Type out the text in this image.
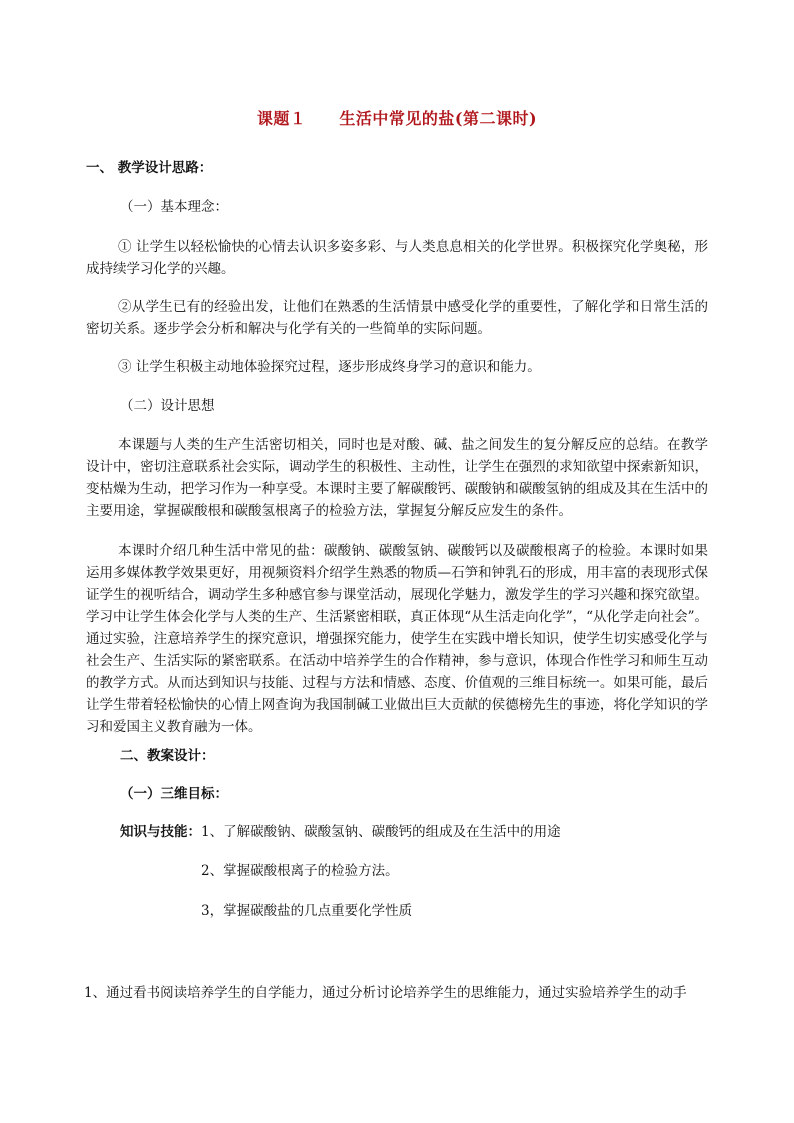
课题１　　生活中常见的盐(第二课时)
一、 教学设计思路：
（一）基本理念：
① 让学生以轻松愉快的心情去认识多姿多彩、与人类息息相关的化学世界。积极探究化学奥秘，形成持续学习化学的兴趣。
②从学生已有的经验出发，让他们在熟悉的生活情景中感受化学的重要性，了解化学和日常生活的密切关系。逐步学会分析和解决与化学有关的一些简单的实际问题。
③ 让学生积极主动地体验探究过程，逐步形成终身学习的意识和能力。
（二）设计思想
本课题与人类的生产生活密切相关，同时也是对酸、碱、盐之间发生的复分解反应的总结。在教学设计中，密切注意联系社会实际，调动学生的积极性、主动性，让学生在强烈的求知欲望中探索新知识，变枯燥为生动，把学习作为一种享受。本课时主要了解碳酸钙、碳酸钠和碳酸氢钠的组成及其在生活中的主要用途，掌握碳酸根和碳酸氢根离子的检验方法，掌握复分解反应发生的条件。
本课时介绍几种生活中常见的盐：碳酸钠、碳酸氢钠、碳酸钙以及碳酸根离子的检验。本课时如果运用多媒体教学效果更好，用视频资料介绍学生熟悉的物质—石笋和钟乳石的形成，用丰富的表现形式保证学生的视听结合，调动学生多种感官参与课堂活动，展现化学魅力，激发学生的学习兴趣和探究欲望。学习中让学生体会化学与人类的生产、生活紧密相联，真正体现“从生活走向化学”，“从化学走向社会”。通过实验，注意培养学生的探究意识，增强探究能力，使学生在实践中增长知识，使学生切实感受化学与社会生产、生活实际的紧密联系。在活动中培养学生的合作精神，参与意识，体现合作性学习和师生互动的教学方式。从而达到知识与技能、过程与方法和情感、态度、价值观的三维目标统一。如果可能，最后让学生带着轻松愉快的心情上网查询为我国制碱工业做出巨大贡献的侯德榜先生的事迹，将化学知识的学习和爱国主义教育融为一体。
二、教案设计：
（一）三维目标：
知识与技能：1、了解碳酸钠、碳酸氢钠、碳酸钙的组成及在生活中的用途
2、掌握碳酸根离子的检验方法。
3，掌握碳酸盐的几点重要化学性质
1、通过看书阅读培养学生的自学能力，通过分析讨论培养学生的思维能力，通过实验培养学生的动手
